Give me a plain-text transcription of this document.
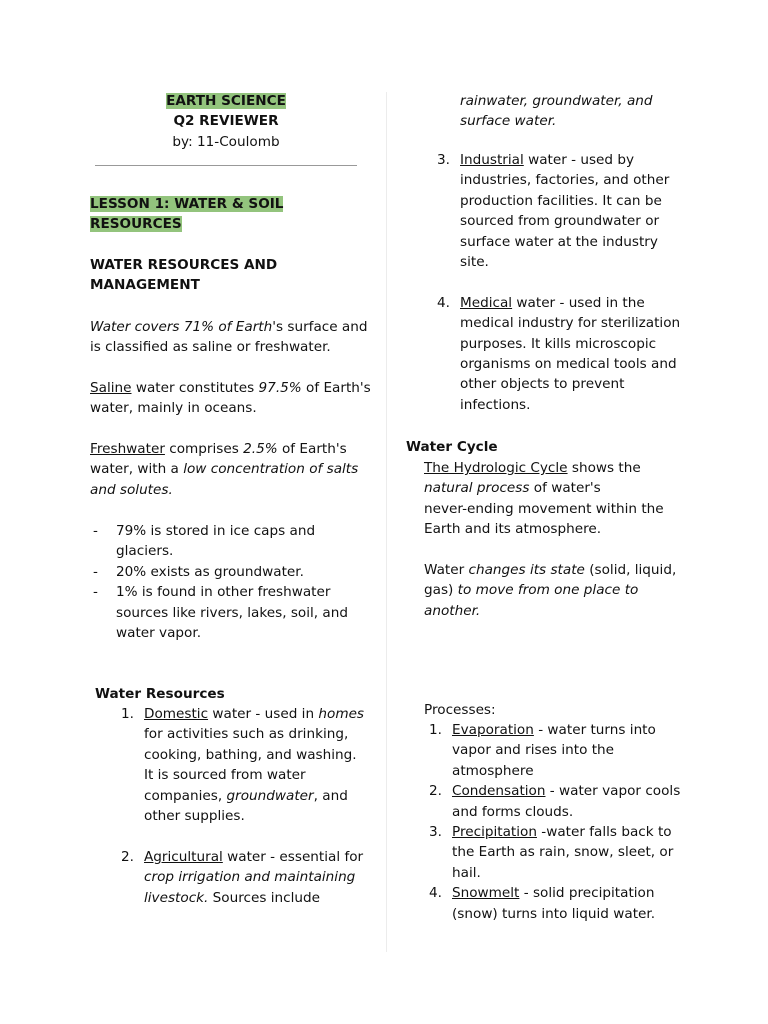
EARTH SCIENCE

Q2 REVIEWER

by: 11-Coulomb

LESSON 1: WATER & SOIL

RESOURCES

WATER RESOURCES AND

MANAGEMENT

Water covers 71% of Earth's surface and

is classified as saline or freshwater.

Saline water constitutes 97.5% of Earth's

water, mainly in oceans.

Freshwater comprises 2.5% of Earth's

water, with a low concentration of salts

and solutes.

- 79% is stored in ice caps and

glaciers.

- 20% exists as groundwater.

- 1% is found in other freshwater

sources like rivers, lakes, soil, and

water vapor.

Water Resources
1. Domestic water - used in homes

for activities such as drinking,

cooking, bathing, and washing.

It is sourced from water

companies, groundwater, and

other supplies.

2. Agricultural water - essential for

crop irrigation and maintaining

livestock. Sources include

rainwater, groundwater, and

surface water.

3. Industrial water - used by

industries, factories, and other

production facilities. It can be

sourced from groundwater or

surface water at the industry

site.

4. Medical water - used in the

medical industry for sterilization

purposes. It kills microscopic

organisms on medical tools and

other objects to prevent

infections.

Water Cycle

The Hydrologic Cycle shows the

natural process of water's

never-ending movement within the

Earth and its atmosphere.

Water changes its state (solid, liquid,

gas) to move from one place to

another.

Processes:
1. Evaporation - water turns into

vapor and rises into the

atmosphere

2. Condensation - water vapor cools

and forms clouds.

3. Precipitation -water falls back to

the Earth as rain, snow, sleet, or

hail.

4. Snowmelt - solid precipitation

(snow) turns into liquid water.
